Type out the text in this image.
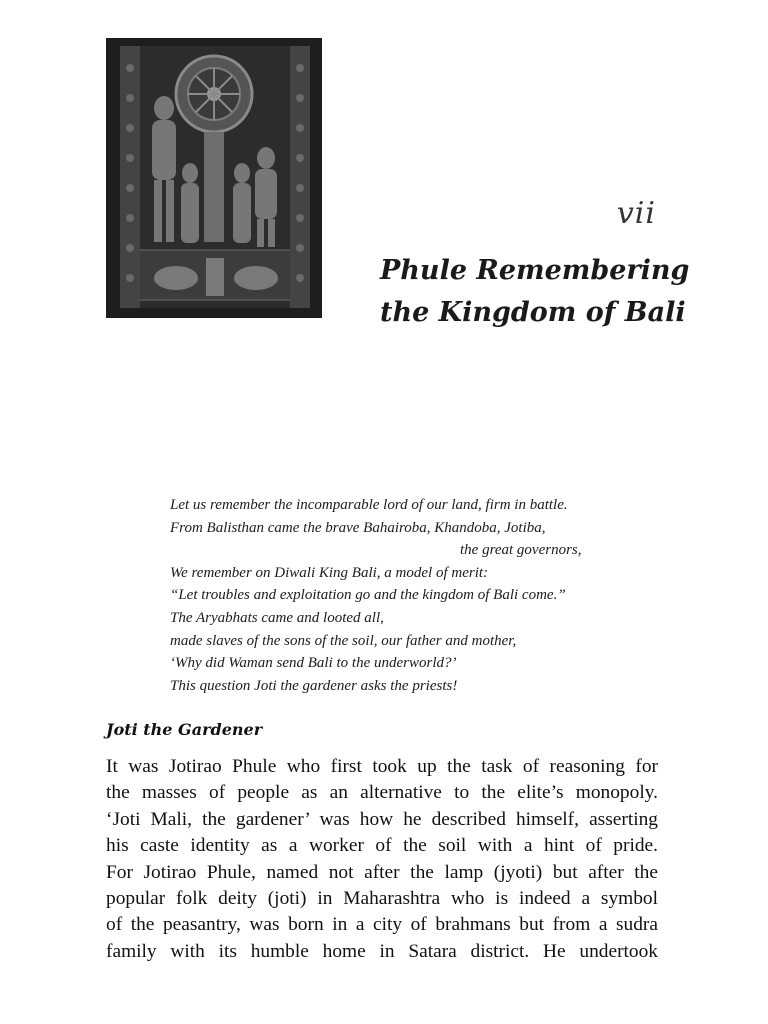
vii
Phule Remembering
the Kingdom of Bali
Let us remember the incomparable lord of our land, firm in battle.
From Balisthan came the brave Bahairoba, Khandoba, Jotiba,
the great governors,
We remember on Diwali King Bali, a model of merit:
“Let troubles and exploitation go and the kingdom of Bali come.”
The Aryabhats came and looted all,
made slaves of the sons of the soil, our father and mother,
‘Why did Waman send Bali to the underworld?’
This question Joti the gardener asks the priests!
Joti the Gardener
It was Jotirao Phule who first took up the task of reasoning for
the masses of people as an alternative to the elite’s monopoly.
‘Joti Mali, the gardener’ was how he described himself, asserting
his caste identity as a worker of the soil with a hint of pride.
For Jotirao Phule, named not after the lamp (jyoti) but after the
popular folk deity (joti) in Maharashtra who is indeed a symbol
of the peasantry, was born in a city of brahmans but from a sudra
family with its humble home in Satara district. He undertook
